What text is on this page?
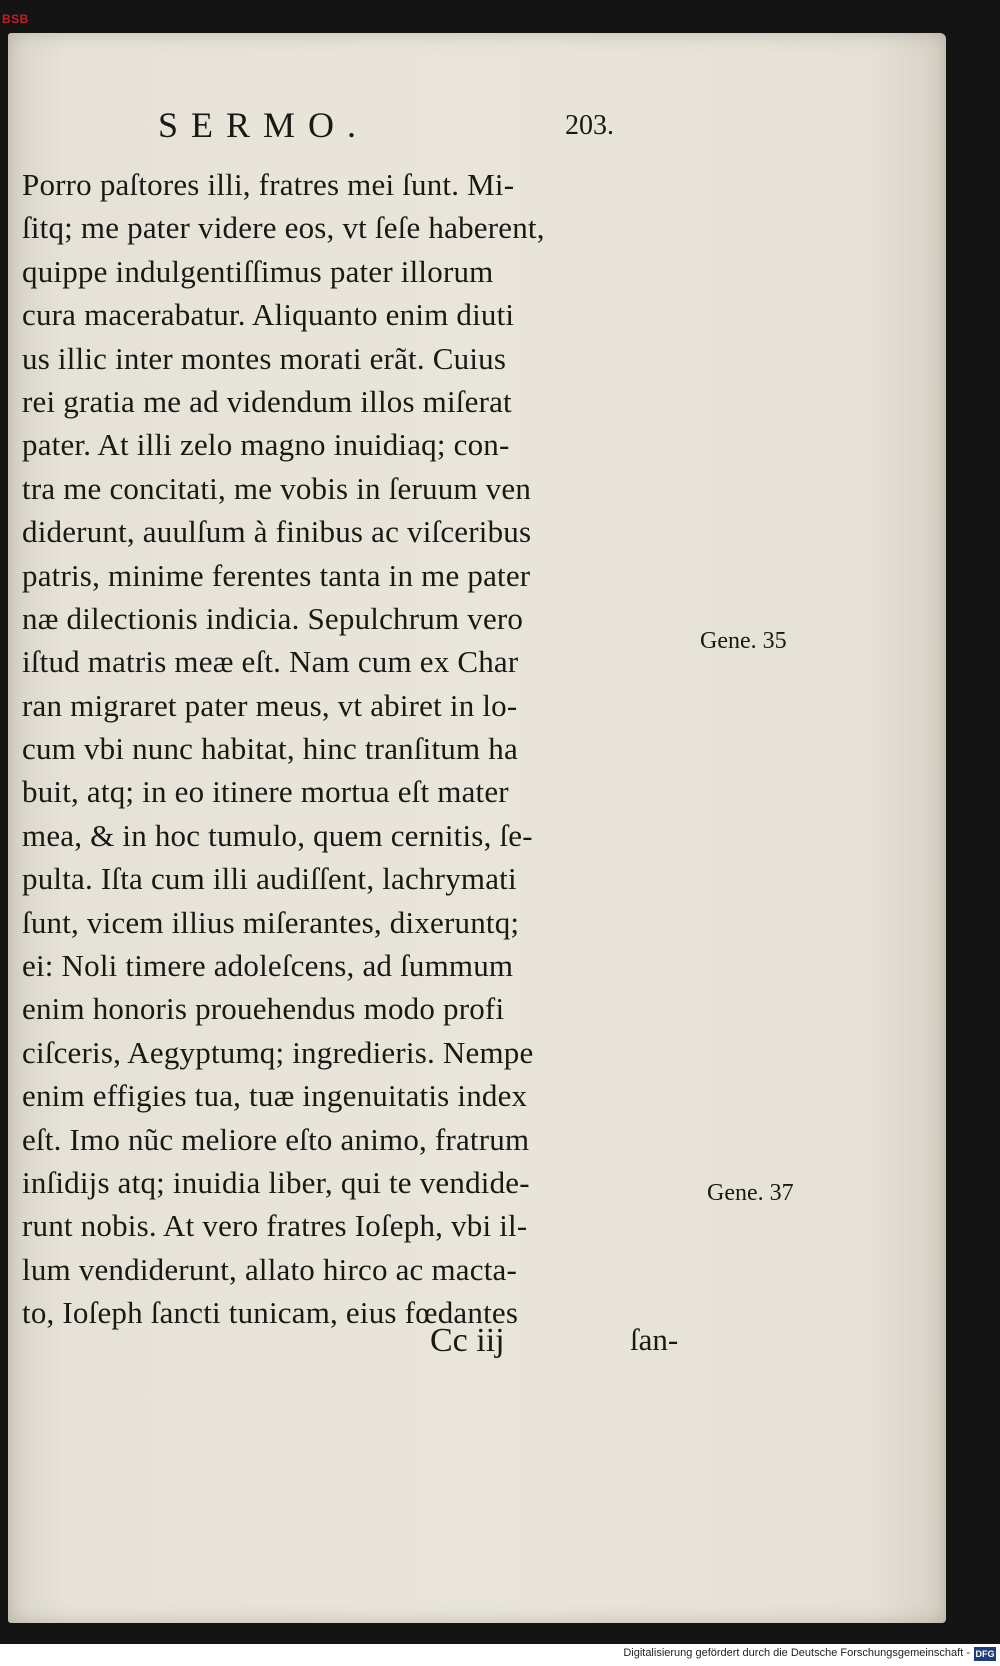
BSB
SERMO.	203.
Porro paſtores illi, fratres mei ſunt. Mi-
ſitq; me pater videre eos, vt ſeſe haberent,
quippe indulgentiſſimus pater illorum
cura macerabatur. Aliquanto enim diuti
us illic inter montes morati erãt. Cuius
rei gratia me ad videndum illos miſerat
pater. At illi zelo magno inuidiaq; con-
tra me concitati, me vobis in ſeruum ven
diderunt, auulſum à finibus ac viſceribus
patris, minime ferentes tanta in me pater
næ dilectionis indicia. Sepulchrum vero
iſtud matris meæ eſt. Nam cum ex Char
ran migraret pater meus, vt abiret in lo-
cum vbi nunc habitat, hinc tranſitum ha
buit, atq; in eo itinere mortua eſt mater
mea, & in hoc tumulo, quem cernitis, ſe-
pulta. Iſta cum illi audiſſent, lachrymati
ſunt, vicem illius miſerantes, dixeruntq;
ei: Noli timere adoleſcens, ad ſummum
enim honoris prouehendus modo profi
ciſceris, Aegyptumq; ingredieris. Nempe
enim effigies tua, tuæ ingenuitatis index
eſt. Imo nũc meliore eſto animo, fratrum
inſidijs atq; inuidia liber, qui te vendide-
runt nobis. At vero fratres Ioſeph, vbi il-
lum vendiderunt, allato hirco ac macta-
to, Ioſeph ſancti tunicam, eius fœdantes
Gene. 35
Gene. 37
Cc iij	ſan-
Digitalisierung gefördert durch die Deutsche Forschungsgemeinschaft - DFG
